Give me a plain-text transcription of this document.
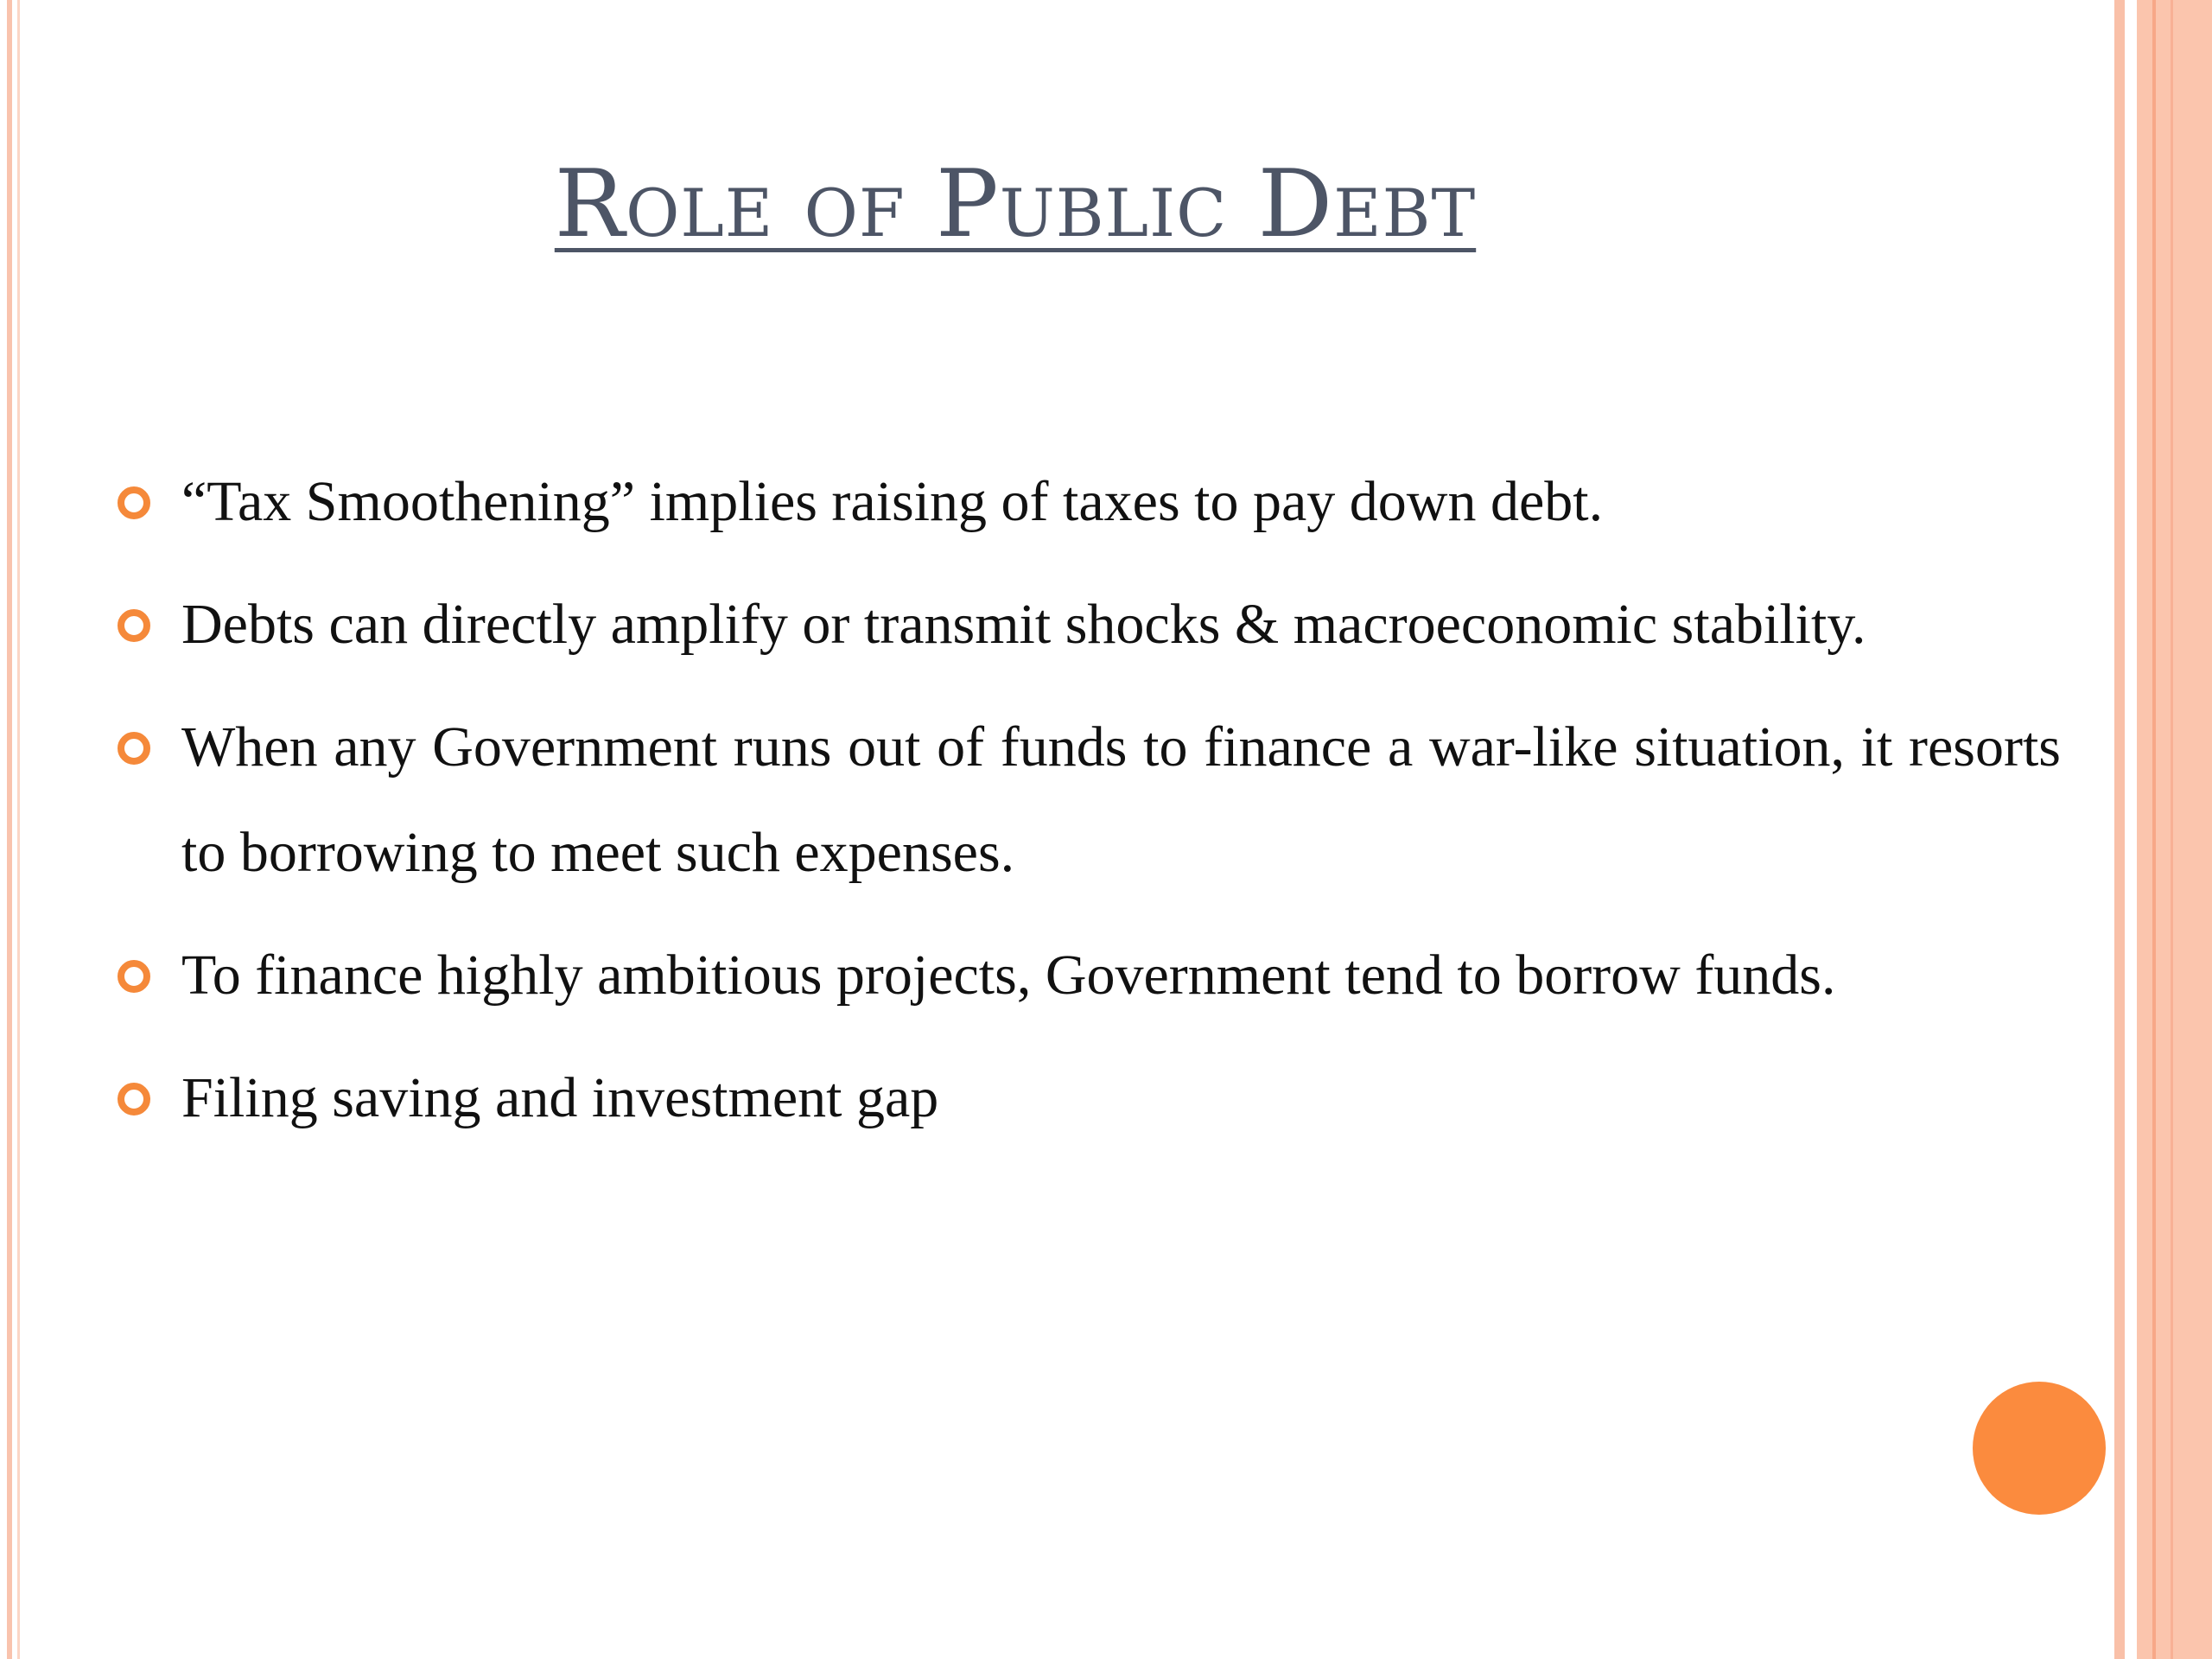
Role of Public Debt
“Tax Smoothening” implies raising of taxes to pay down debt.
Debts can directly amplify or transmit shocks & macroeconomic stability.
When any Government runs out of funds to finance a war-like situation, it resorts to borrowing to meet such expenses.
To finance highly ambitious projects, Government tend to borrow funds.
Filing saving and investment gap
